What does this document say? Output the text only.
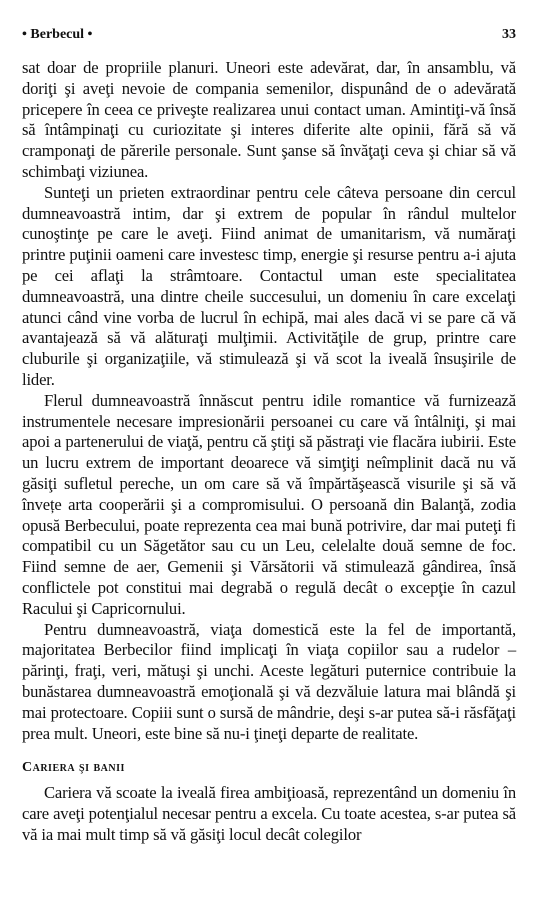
• Berbecul •	33

sat doar de propriile planuri. Uneori este adevărat, dar, în ansamblu, vă doriţi şi aveţi nevoie de compania semenilor, dispunând de o adevărată pricepere în ceea ce priveşte realizarea unui contact uman. Amintiţi-vă însă să întâmpinaţi cu curiozitate şi interes diferite alte opinii, fără să vă cramponaţi de părerile personale. Sunt şanse să învăţaţi ceva şi chiar să vă schimbaţi viziunea.

Sunteţi un prieten extraordinar pentru cele câteva persoane din cercul dumneavoastră intim, dar şi extrem de popular în rândul multelor cunoştinţe pe care le aveţi. Fiind animat de umanitarism, vă număraţi printre puţinii oameni care investesc timp, energie şi resurse pentru a-i ajuta pe cei aflaţi la strâmtoare. Contactul uman este specialitatea dumneavoastră, una dintre cheile succesului, un domeniu în care excelaţi atunci când vine vorba de lucrul în echipă, mai ales dacă vi se pare că vă avantajează să vă alăturaţi mulţimii. Activităţile de grup, printre care cluburile şi organizaţiile, vă stimulează şi vă scot la iveală însuşirile de lider.

Flerul dumneavoastră înnăscut pentru idile romantice vă furnizează instrumentele necesare impresionării persoanei cu care vă întâlniţi, şi mai apoi a partenerului de viaţă, pentru că ştiţi să păstraţi vie flacăra iubirii. Este un lucru extrem de important deoarece vă simţiţi neîmplinit dacă nu vă găsiţi sufletul pereche, un om care să vă împărtăşească visurile şi să vă învețe arta cooperării şi a compromisului. O persoană din Balanţă, zodia opusă Berbecului, poate reprezenta cea mai bună potrivire, dar mai puteţi fi compatibil cu un Săgetător sau cu un Leu, celelalte două semne de foc. Fiind semne de aer, Gemenii şi Vărsătorii vă stimulează gândirea, însă conflictele pot constitui mai degrabă o regulă decât o excepţie în cazul Racului şi Capricornului.

Pentru dumneavoastră, viaţa domestică este la fel de importantă, majoritatea Berbecilor fiind implicaţi în viaţa copiilor sau a rudelor – părinţi, fraţi, veri, mătuşi şi unchi. Aceste legături puternice contribuie la bunăstarea dumneavoastră emoţională şi vă dezvăluie latura mai blândă şi mai protectoare. Copiii sunt o sursă de mândrie, deşi s-ar putea să-i răsfăţaţi prea mult. Uneori, este bine să nu-i ţineţi departe de realitate.

Cariera şi banii

Cariera vă scoate la iveală firea ambiţioasă, reprezentând un domeniu în care aveţi potenţialul necesar pentru a excela. Cu toate acestea, s-ar putea să vă ia mai mult timp să vă găsiţi locul decât colegilor
